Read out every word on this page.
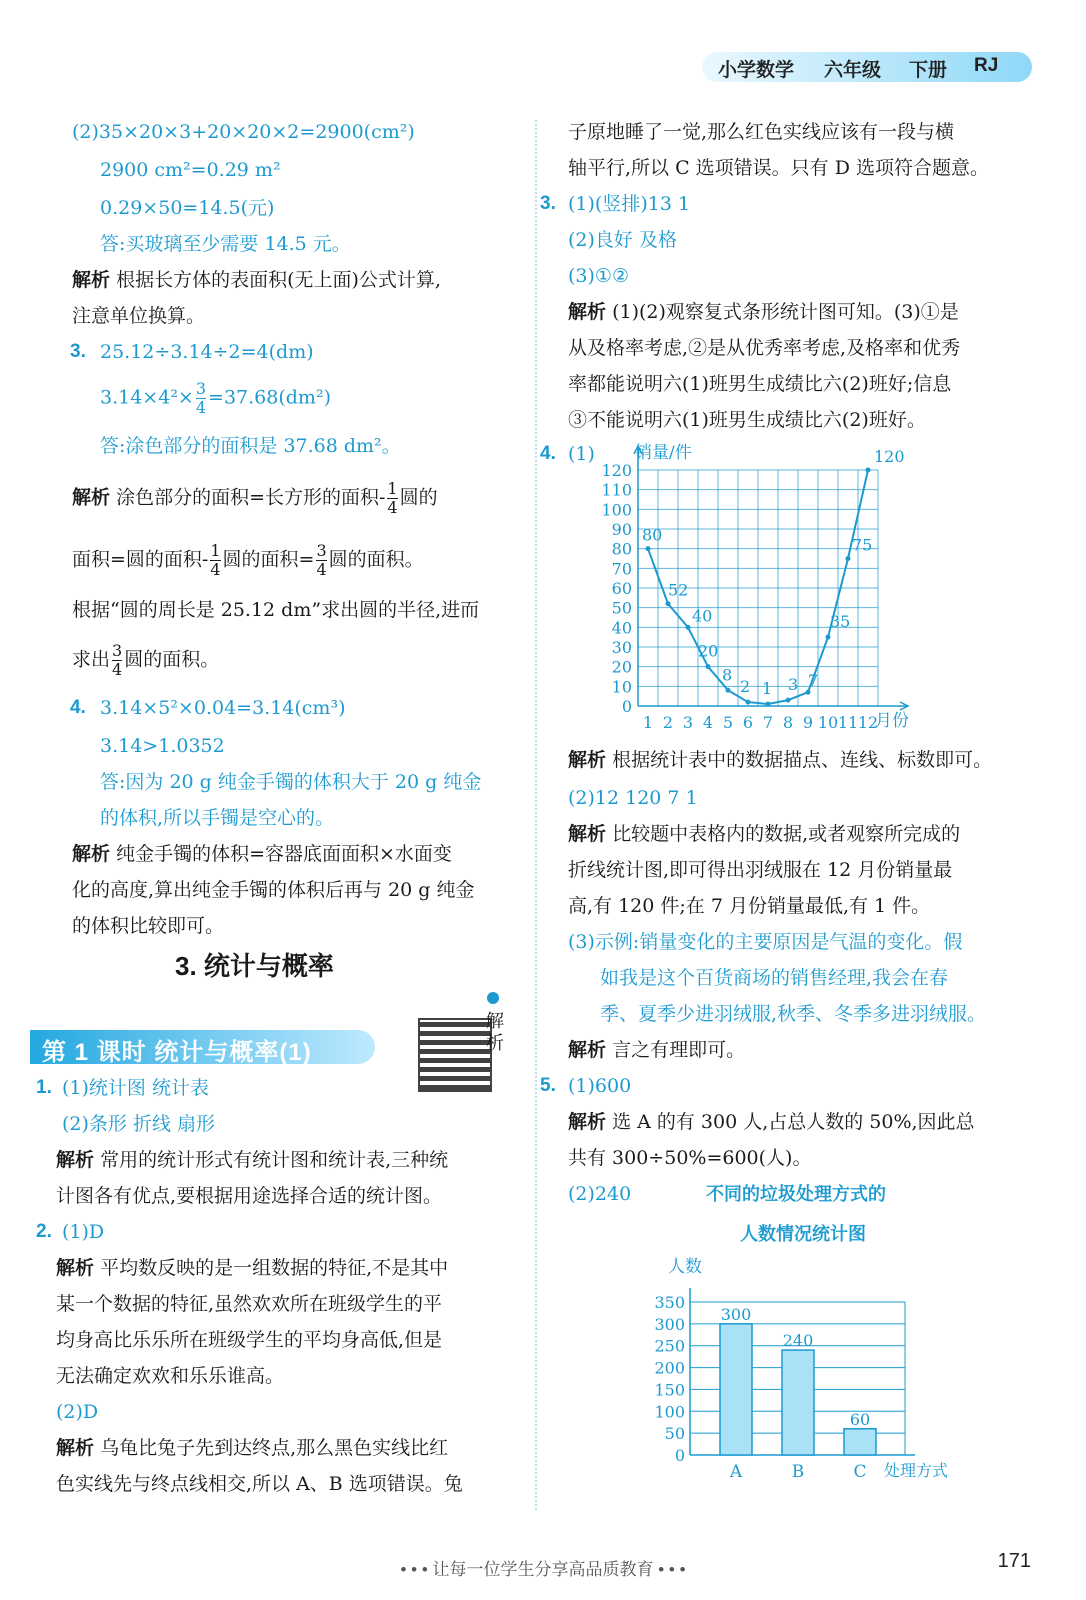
小学数学 六年级 下册 RJ
(2)35×20×3+20×20×2=2900(cm²)
2900 cm²=0.29 m²
0.29×50=14.5(元)
答:买玻璃至少需要 14.5 元。
解析 根据长方体的表面积(无上面)公式计算,
注意单位换算。
3. 25.12÷3.14÷2=4(dm)
$3.14\times 4^2\times \frac{3}{4} =37.68(dm^2)$
答:涂色部分的面积是 37.68 dm²。
解析 涂色部分的面积=长方形的面积- $\frac{1}{4}$ 圆的
面积=圆的面积- $\frac{1}{4}$ 圆的面积= $\frac{3}{4}$ 圆的面积。
根据“圆的周长是 25.12 dm”求出圆的半径,进而
求出 $\frac{3}{4}$ 圆的面积。
4. 3.14×5²×0.04=3.14(cm³)
3.14>1.0352
答:因为 20 g 纯金手镯的体积大于 20 g 纯金
的体积,所以手镯是空心的。
解析 纯金手镯的体积=容器底面面积×水面变
化的高度,算出纯金手镯的体积后再与 20 g 纯金
的体积比较即可。
3. 统计与概率
第 1 课时 统计与概率(1)
解析
1. (1)统计图 统计表
(2)条形 折线 扇形
解析 常用的统计形式有统计图和统计表,三种统
计图各有优点,要根据用途选择合适的统计图。
2. (1)D
解析 平均数反映的是一组数据的特征,不是其中
某一个数据的特征,虽然欢欢所在班级学生的平
均身高比乐乐所在班级学生的平均身高低,但是
无法确定欢欢和乐乐谁高。
(2)D
解析 乌龟比兔子先到达终点,那么黑色实线比红
色实线先与终点线相交,所以 A、B 选项错误。兔
子原地睡了一觉,那么红色实线应该有一段与横
轴平行,所以 C 选项错误。只有 D 选项符合题意。
3. (1)(竖排)13 1
(2)良好 及格
(3)①②
解析 (1)(2)观察复式条形统计图可知。(3)①是
从及格率考虑,②是从优秀率考虑,及格率和优秀
率都能说明六(1)班男生成绩比六(2)班好;信息
③不能说明六(1)班男生成绩比六(2)班好。
4. (1)
0
10
20
30
40
50
60
70
80
90
100
110
120
1 2 3 4 5 6 7 8 9 10 11 12
80
52
40
20
8
2 1 3 7
35
75
120
销量/件
月份
解析 根据统计表中的数据描点、连线、标数即可。
(2)12 120 7 1
解析 比较题中表格内的数据,或者观察所完成的
折线统计图,即可得出羽绒服在 12 月份销量最
高,有 120 件;在 7 月份销量最低,有 1 件。
(3)示例:销量变化的主要原因是气温的变化。假
如我是这个百货商场的销售经理,我会在春
季、夏季少进羽绒服,秋季、冬季多进羽绒服。
解析 言之有理即可。
5. (1)600
解析 选 A 的有 300 人,占总人数的 50%,因此总
共有 300÷50%=600(人)。
(2)240	不同的垃圾处理方式的
人数情况统计图
0
50
100
150
200
250
300
350
300
240
60
A	B	C
人数
处理方式
• • • 让每一位学生分享高品质教育 • • •	171
